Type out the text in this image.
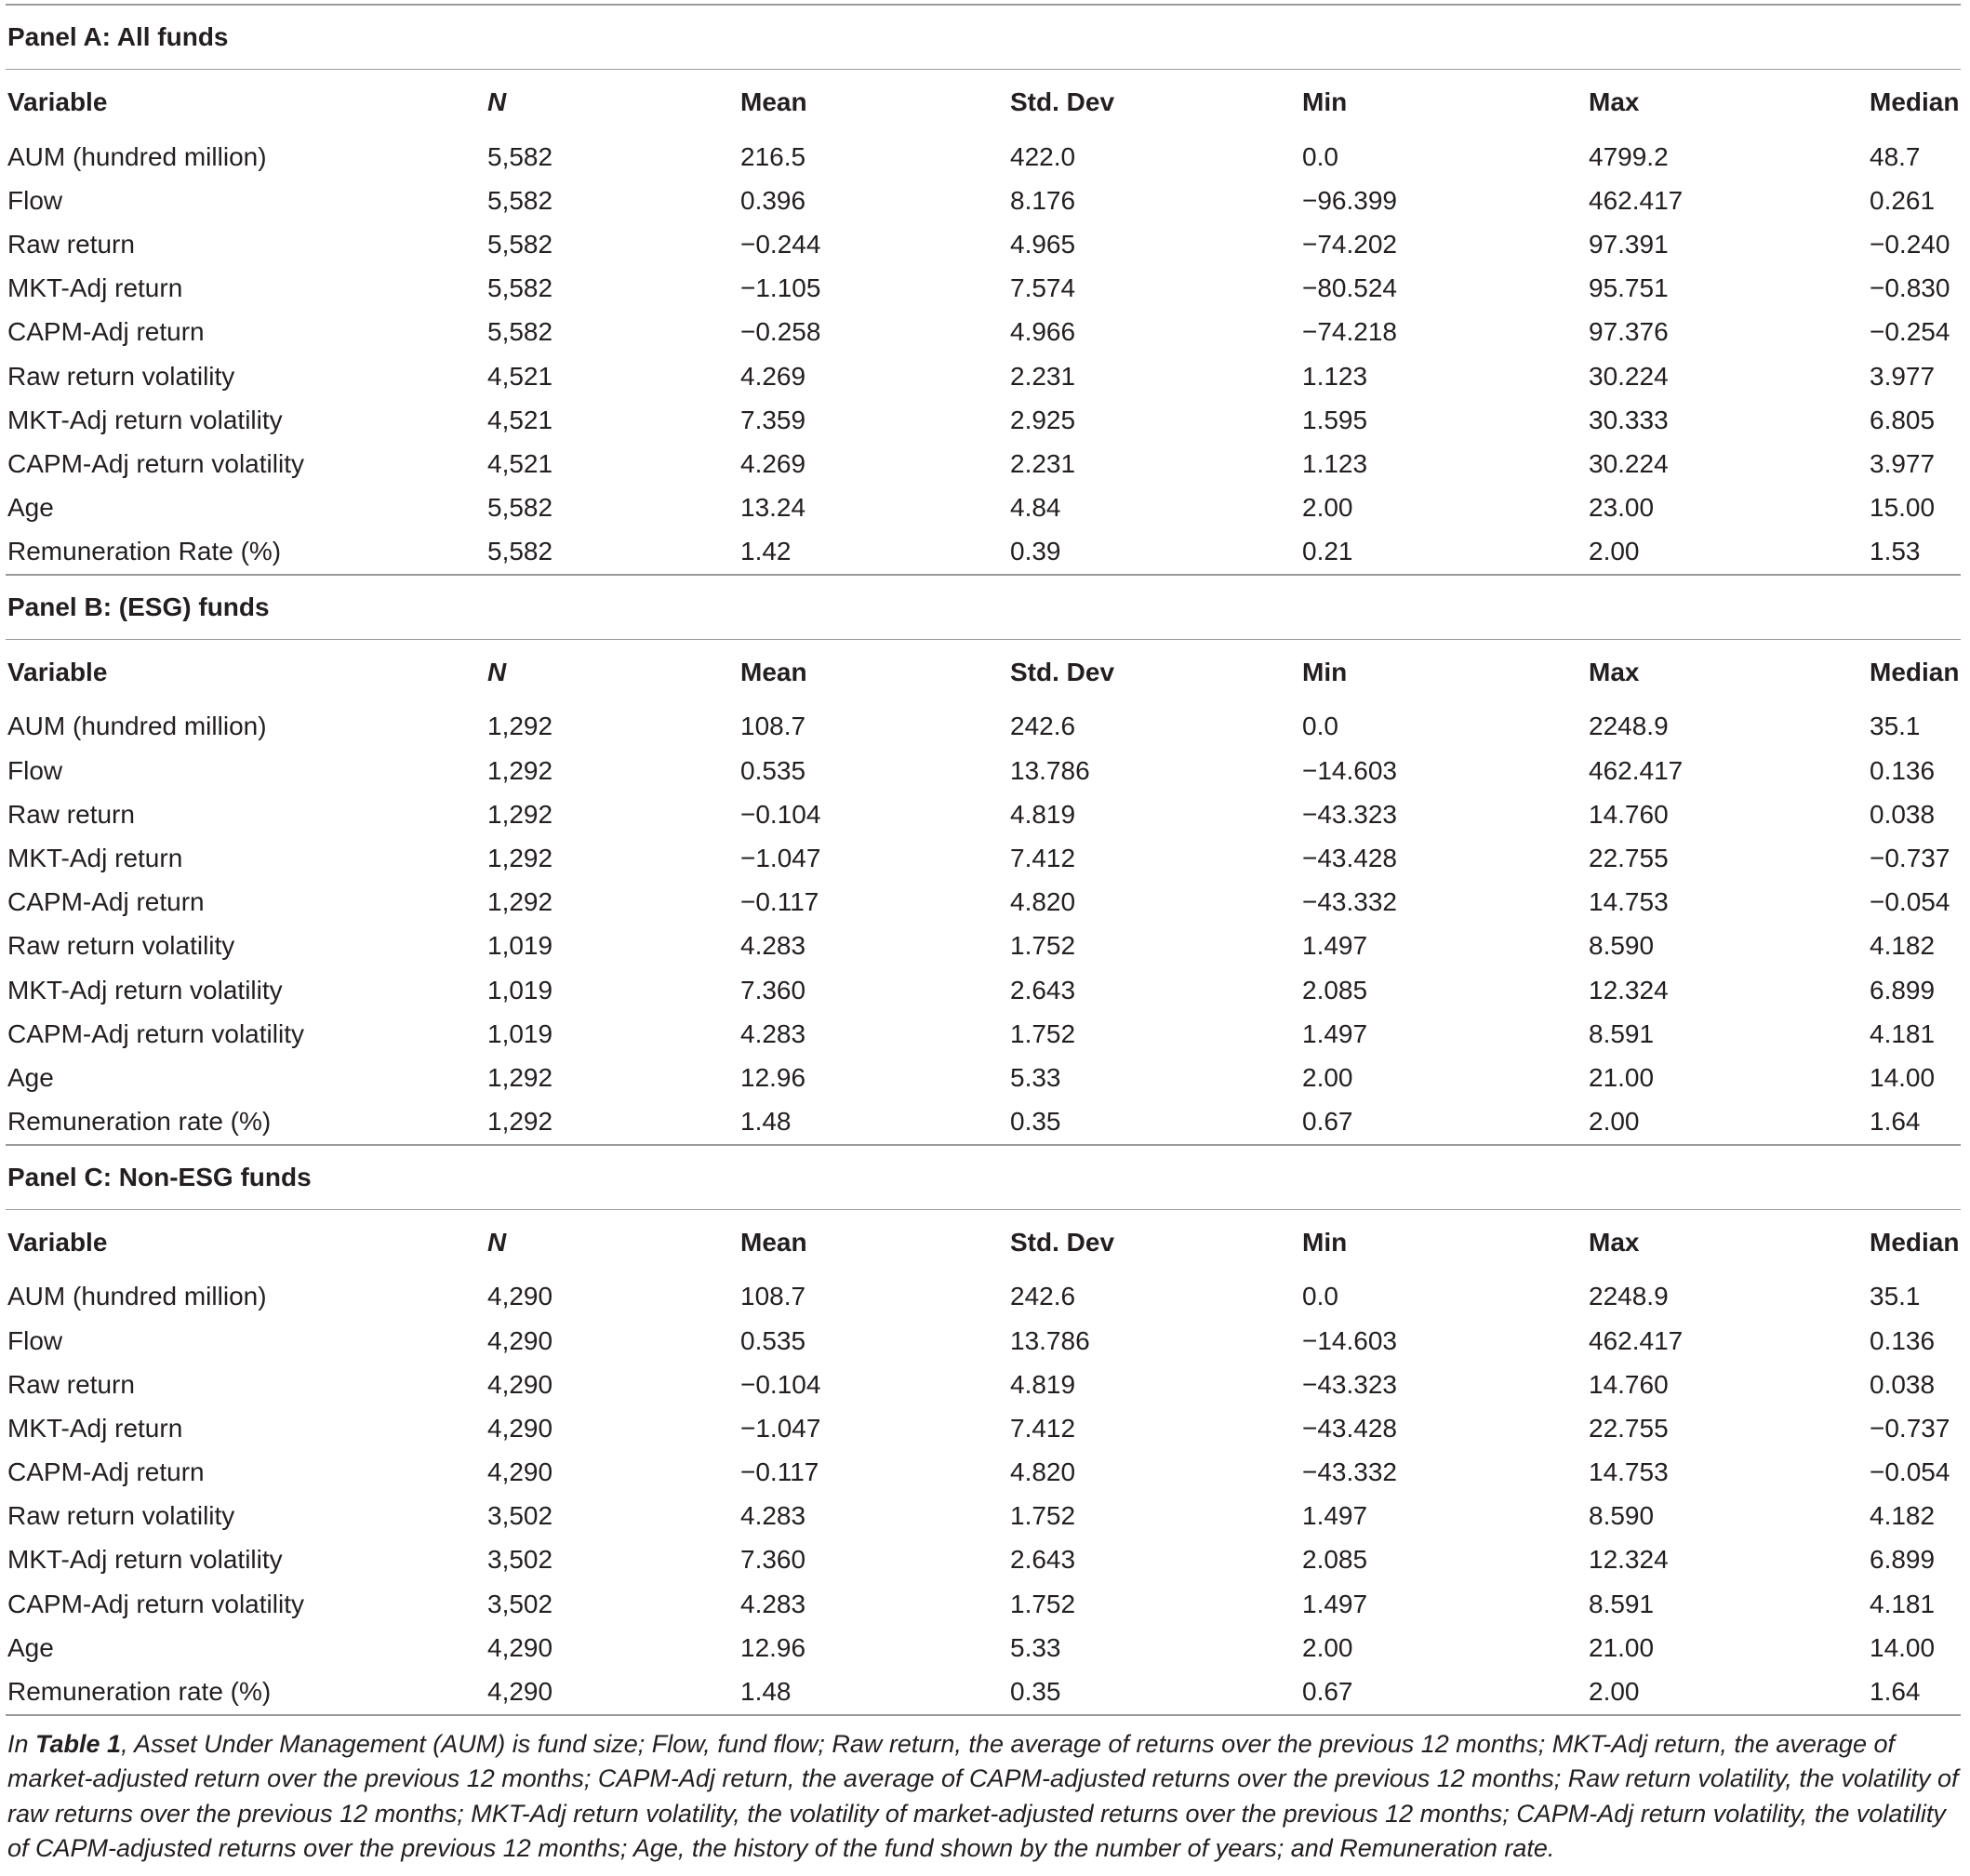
Panel A: All funds
Variable	N	Mean	Std. Dev	Min	Max	Median
AUM (hundred million)	5,582	216.5	422.0	0.0	4799.2	48.7
Flow	5,582	0.396	8.176	−96.399	462.417	0.261
Raw return	5,582	−0.244	4.965	−74.202	97.391	−0.240
MKT-Adj return	5,582	−1.105	7.574	−80.524	95.751	−0.830
CAPM-Adj return	5,582	−0.258	4.966	−74.218	97.376	−0.254
Raw return volatility	4,521	4.269	2.231	1.123	30.224	3.977
MKT-Adj return volatility	4,521	7.359	2.925	1.595	30.333	6.805
CAPM-Adj return volatility	4,521	4.269	2.231	1.123	30.224	3.977
Age	5,582	13.24	4.84	2.00	23.00	15.00
Remuneration Rate (%)	5,582	1.42	0.39	0.21	2.00	1.53
Panel B: (ESG) funds
Variable	N	Mean	Std. Dev	Min	Max	Median
AUM (hundred million)	1,292	108.7	242.6	0.0	2248.9	35.1
Flow	1,292	0.535	13.786	−14.603	462.417	0.136
Raw return	1,292	−0.104	4.819	−43.323	14.760	0.038
MKT-Adj return	1,292	−1.047	7.412	−43.428	22.755	−0.737
CAPM-Adj return	1,292	−0.117	4.820	−43.332	14.753	−0.054
Raw return volatility	1,019	4.283	1.752	1.497	8.590	4.182
MKT-Adj return volatility	1,019	7.360	2.643	2.085	12.324	6.899
CAPM-Adj return volatility	1,019	4.283	1.752	1.497	8.591	4.181
Age	1,292	12.96	5.33	2.00	21.00	14.00
Remuneration rate (%)	1,292	1.48	0.35	0.67	2.00	1.64
Panel C: Non-ESG funds
Variable	N	Mean	Std. Dev	Min	Max	Median
AUM (hundred million)	4,290	108.7	242.6	0.0	2248.9	35.1
Flow	4,290	0.535	13.786	−14.603	462.417	0.136
Raw return	4,290	−0.104	4.819	−43.323	14.760	0.038
MKT-Adj return	4,290	−1.047	7.412	−43.428	22.755	−0.737
CAPM-Adj return	4,290	−0.117	4.820	−43.332	14.753	−0.054
Raw return volatility	3,502	4.283	1.752	1.497	8.590	4.182
MKT-Adj return volatility	3,502	7.360	2.643	2.085	12.324	6.899
CAPM-Adj return volatility	3,502	4.283	1.752	1.497	8.591	4.181
Age	4,290	12.96	5.33	2.00	21.00	14.00
Remuneration rate (%)	4,290	1.48	0.35	0.67	2.00	1.64
In Table 1, Asset Under Management (AUM) is fund size; Flow, fund flow; Raw return, the average of returns over the previous 12 months; MKT-Adj return, the average of market-adjusted return over the previous 12 months; CAPM-Adj return, the average of CAPM-adjusted returns over the previous 12 months; Raw return volatility, the volatility of raw returns over the previous 12 months; MKT-Adj return volatility, the volatility of market-adjusted returns over the previous 12 months; CAPM-Adj return volatility, the volatility of CAPM-adjusted returns over the previous 12 months; Age, the history of the fund shown by the number of years; and Remuneration rate.
